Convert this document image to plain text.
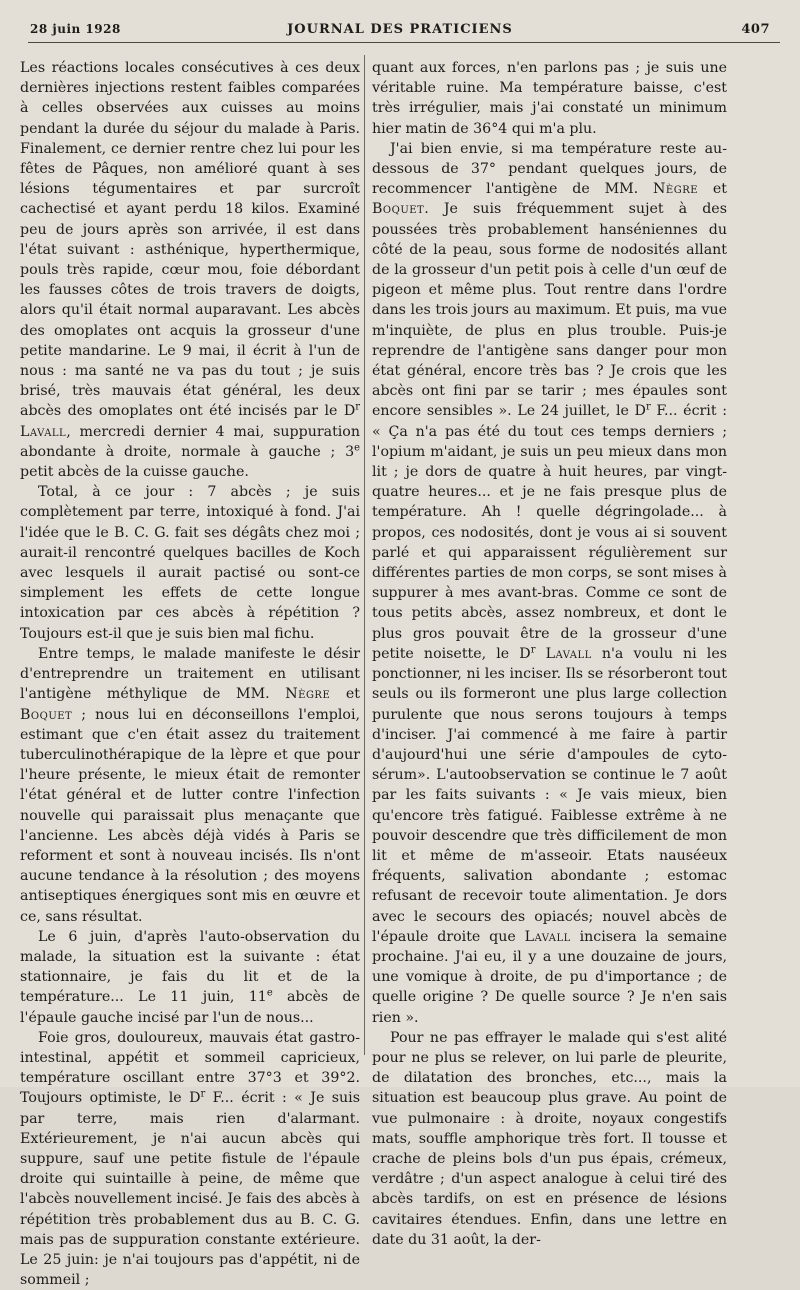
28 juin 1928	JOURNAL DES PRATICIENS	407

Les réactions locales consécutives à ces deux dernières injections restent faibles comparées à celles observées aux cuisses au moins pendant la durée du séjour du malade à Paris. Finalement, ce dernier rentre chez lui pour les fêtes de Pâques, non amélioré quant à ses lésions tégumentaires et par surcroît cachectisé et ayant perdu 18 kilos. Examiné peu de jours après son arrivée, il est dans l'état suivant : asthénique, hyperthermique, pouls très rapide, cœur mou, foie débordant les fausses côtes de trois travers de doigts, alors qu'il était normal auparavant. Les abcès des omoplates ont acquis la grosseur d'une petite mandarine. Le 9 mai, il écrit à l'un de nous : ma santé ne va pas du tout ; je suis brisé, très mauvais état général, les deux abcès des omoplates ont été incisés par le $D^r$ Lavall, mercredi dernier 4 mai, suppuration abondante à droite, normale à gauche ; 3e petit abcès de la cuisse gauche.

Total, à ce jour : 7 abcès ; je suis complètement par terre, intoxiqué à fond. J'ai l'idée que le B. C. G. fait ses dégâts chez moi ; aurait-il rencontré quelques bacilles de Koch avec lesquels il aurait pactisé ou sont-ce simplement les effets de cette longue intoxication par ces abcès à répétition ? Toujours est-il que je suis bien mal fichu.

Entre temps, le malade manifeste le désir d'entreprendre un traitement en utilisant l'antigène méthylique de MM. Nègre et Boquet ; nous lui en déconseillons l'emploi, estimant que c'en était assez du traitement tuberculinothérapique de la lèpre et que pour l'heure présente, le mieux était de remonter l'état général et de lutter contre l'infection nouvelle qui paraissait plus menaçante que l'ancienne. Les abcès déjà vidés à Paris se reforment et sont à nouveau incisés. Ils n'ont aucune tendance à la résolution ; des moyens antiseptiques énergiques sont mis en œuvre et ce, sans résultat.

Le 6 juin, d'après l'auto-observation du malade, la situation est la suivante : état stationnaire, je fais du lit et de la température... Le 11 juin, 11e abcès de l'épaule gauche incisé par l'un de nous...

Foie gros, douloureux, mauvais état gastro-intestinal, appétit et sommeil capricieux, température oscillant entre 37°3 et 39°2. Toujours optimiste, le $D^r$ F... écrit : « Je suis par terre, mais rien d'alarmant. Extérieurement, je n'ai aucun abcès qui suppure, sauf une petite fistule de l'épaule droite qui suintaille à peine, de même que l'abcès nouvellement incisé. Je fais des abcès à répétition très probablement dus au B. C. G. mais pas de suppuration constante extérieure. Le 25 juin: je n'ai toujours pas d'appétit, ni de sommeil ;

quant aux forces, n'en parlons pas ; je suis une véritable ruine. Ma température baisse, c'est très irrégulier, mais j'ai constaté un minimum hier matin de 36°4 qui m'a plu.

J'ai bien envie, si ma température reste au-dessous de 37° pendant quelques jours, de recommencer l'antigène de MM. Nègre et Boquet. Je suis fréquemment sujet à des poussées très probablement hanséniennes du côté de la peau, sous forme de nodosités allant de la grosseur d'un petit pois à celle d'un œuf de pigeon et même plus. Tout rentre dans l'ordre dans les trois jours au maximum. Et puis, ma vue m'inquiète, de plus en plus trouble. Puis-je reprendre de l'antigène sans danger pour mon état général, encore très bas ? Je crois que les abcès ont fini par se tarir ; mes épaules sont encore sensibles ». Le 24 juillet, le $D^r$ F... écrit : « Ça n'a pas été du tout ces temps derniers ; l'opium m'aidant, je suis un peu mieux dans mon lit ; je dors de quatre à huit heures, par vingt-quatre heures... et je ne fais presque plus de température. Ah ! quelle dégringolade... à propos, ces nodosités, dont je vous ai si souvent parlé et qui apparaissent régulièrement sur différentes parties de mon corps, se sont mises à suppurer à mes avant-bras. Comme ce sont de tous petits abcès, assez nombreux, et dont le plus gros pouvait être de la grosseur d'une petite noisette, le $D^r$ Lavall n'a voulu ni les ponctionner, ni les inciser. Ils se résorberont tout seuls ou ils formeront une plus large collection purulente que nous serons toujours à temps d'inciser. J'ai commencé à me faire à partir d'aujourd'hui une série d'ampoules de cyto-sérum». L'autoobservation se continue le 7 août par les faits suivants : « Je vais mieux, bien qu'encore très fatigué. Faiblesse extrême à ne pouvoir descendre que très difficilement de mon lit et même de m'asseoir. Etats nauséeux fréquents, salivation abondante ; estomac refusant de recevoir toute alimentation. Je dors avec le secours des opiacés; nouvel abcès de l'épaule droite que Lavall incisera la semaine prochaine. J'ai eu, il y a une douzaine de jours, une vomique à droite, de pu d'importance ; de quelle origine ? De quelle source ? Je n'en sais rien ».

Pour ne pas effrayer le malade qui s'est alité pour ne plus se relever, on lui parle de pleurite, de dilatation des bronches, etc..., mais la situation est beaucoup plus grave. Au point de vue pulmonaire : à droite, noyaux congestifs mats, souffle amphorique très fort. Il tousse et crache de pleins bols d'un pus épais, crémeux, verdâtre ; d'un aspect analogue à celui tiré des abcès tardifs, on est en présence de lésions cavitaires étendues. Enfin, dans une lettre en date du 31 août, la der-
